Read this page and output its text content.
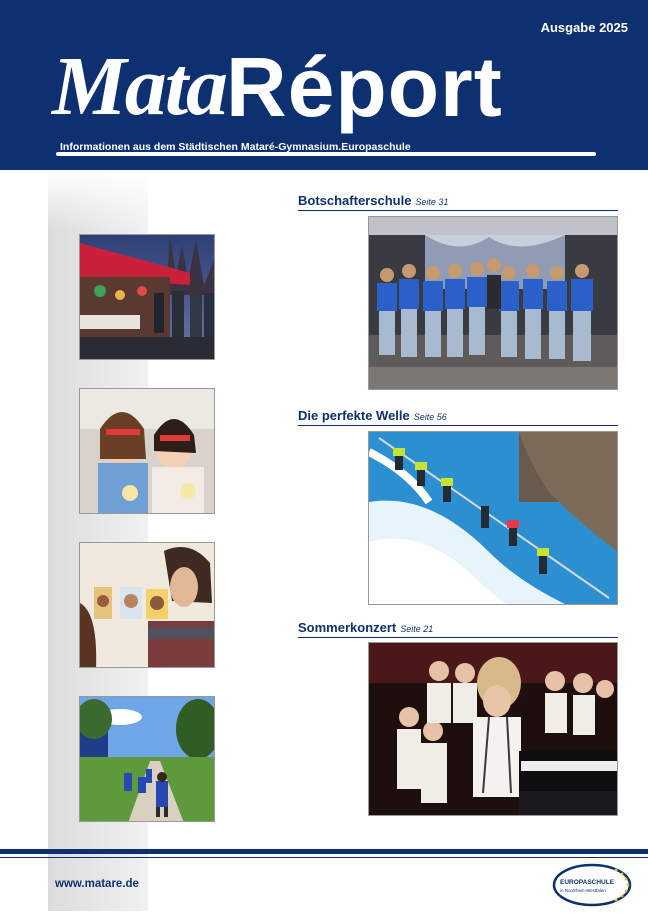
Ausgabe 2025
MataRéport
Informationen aus dem Städtischen Mataré-Gymnasium.Europaschule
Botschafterschule Seite 31
Die perfekte Welle Seite 56
Sommerkonzert Seite 21
www.matare.de	EUROPASCHULE
in Nordrhein-Westfalen
